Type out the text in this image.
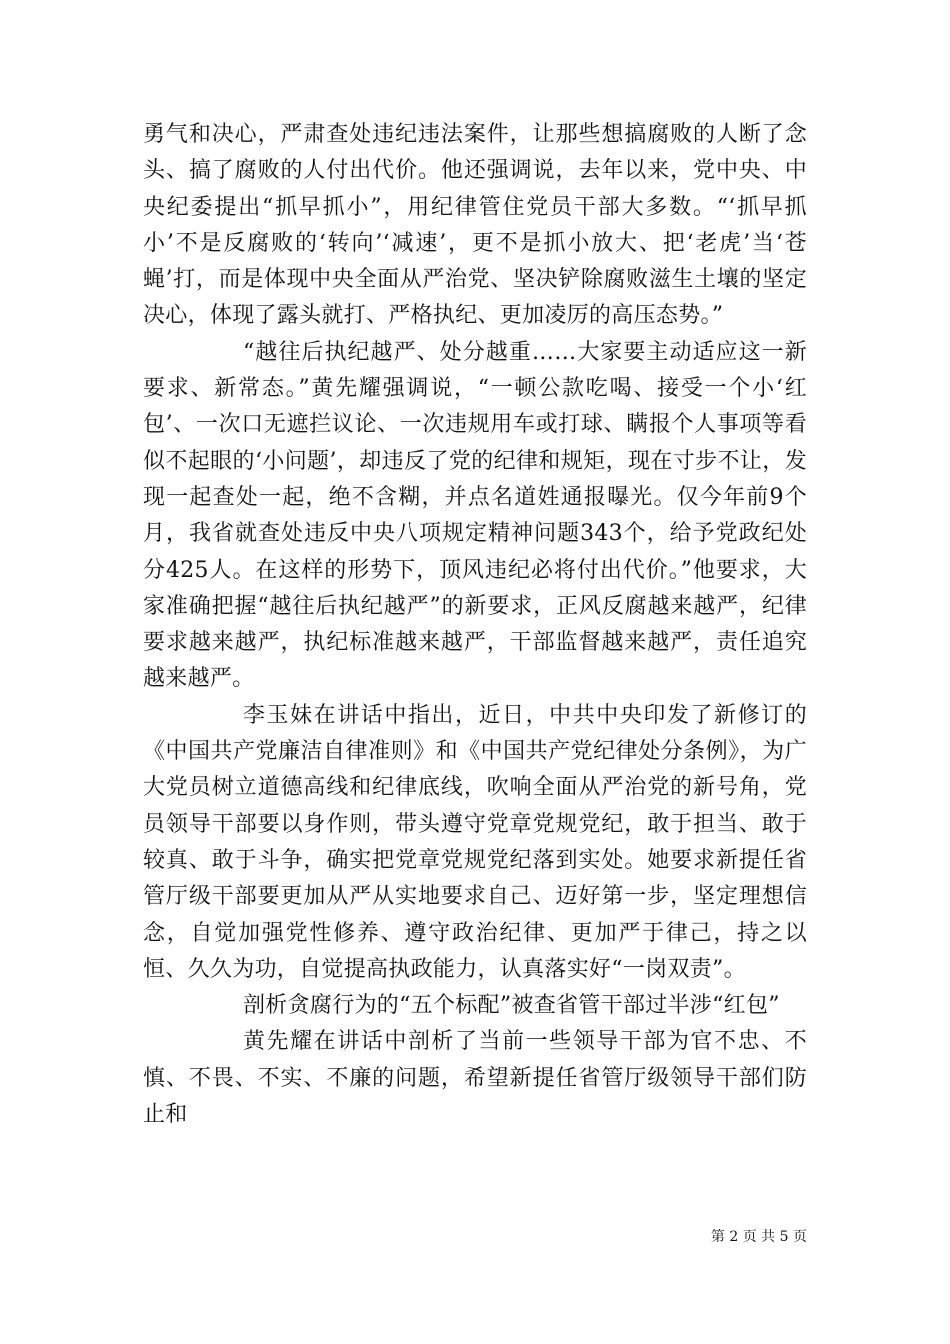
勇气和决心，严肃查处违纪违法案件，让那些想搞腐败的人断了念头、搞了腐败的人付出代价。他还强调说，去年以来，党中央、中央纪委提出“抓早抓小”，用纪律管住党员干部大多数。“‘抓早抓小’不是反腐败的‘转向’‘减速’，更不是抓小放大、把‘老虎’当‘苍蝇’打，而是体现中央全面从严治党、坚决铲除腐败滋生土壤的坚定决心，体现了露头就打、严格执纪、更加凌厉的高压态势。”

“越往后执纪越严、处分越重……大家要主动适应这一新要求、新常态。”黄先耀强调说，“一顿公款吃喝、接受一个小‘红包’、一次口无遮拦议论、一次违规用车或打球、瞒报个人事项等看似不起眼的‘小问题’，却违反了党的纪律和规矩，现在寸步不让，发现一起查处一起，绝不含糊，并点名道姓通报曝光。仅今年前9个月，我省就查处违反中央八项规定精神问题343个，给予党政纪处分425人。在这样的形势下，顶风违纪必将付出代价。”他要求，大家准确把握“越往后执纪越严”的新要求，正风反腐越来越严，纪律要求越来越严，执纪标准越来越严，干部监督越来越严，责任追究越来越严。

李玉妹在讲话中指出，近日，中共中央印发了新修订的《中国共产党廉洁自律准则》和《中国共产党纪律处分条例》，为广大党员树立道德高线和纪律底线，吹响全面从严治党的新号角，党员领导干部要以身作则，带头遵守党章党规党纪，敢于担当、敢于较真、敢于斗争，确实把党章党规党纪落到实处。她要求新提任省管厅级干部要更加从严从实地要求自己、迈好第一步，坚定理想信念，自觉加强党性修养、遵守政治纪律、更加严于律己，持之以恒、久久为功，自觉提高执政能力，认真落实好“一岗双责”。

剖析贪腐行为的“五个标配”被查省管干部过半涉“红包”

黄先耀在讲话中剖析了当前一些领导干部为官不忠、不慎、不畏、不实、不廉的问题，希望新提任省管厅级领导干部们防止和

第 2 页 共 5 页
